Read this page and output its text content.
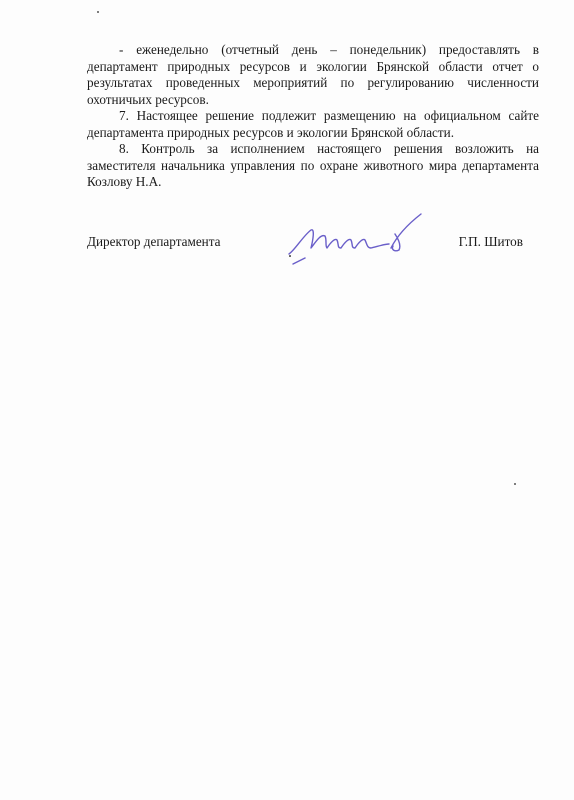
- еженедельно (отчетный день – понедельник) предоставлять в департамент природных ресурсов и экологии Брянской области отчет о результатах проведенных мероприятий по регулированию численности охотничьих ресурсов.

7. Настоящее решение подлежит размещению на официальном сайте департамента природных ресурсов и экологии Брянской области.

8. Контроль за исполнением настоящего решения возложить на заместителя начальника управления по охране животного мира департамента Козлову Н.А.

Директор департамента	Г.П. Шитов
